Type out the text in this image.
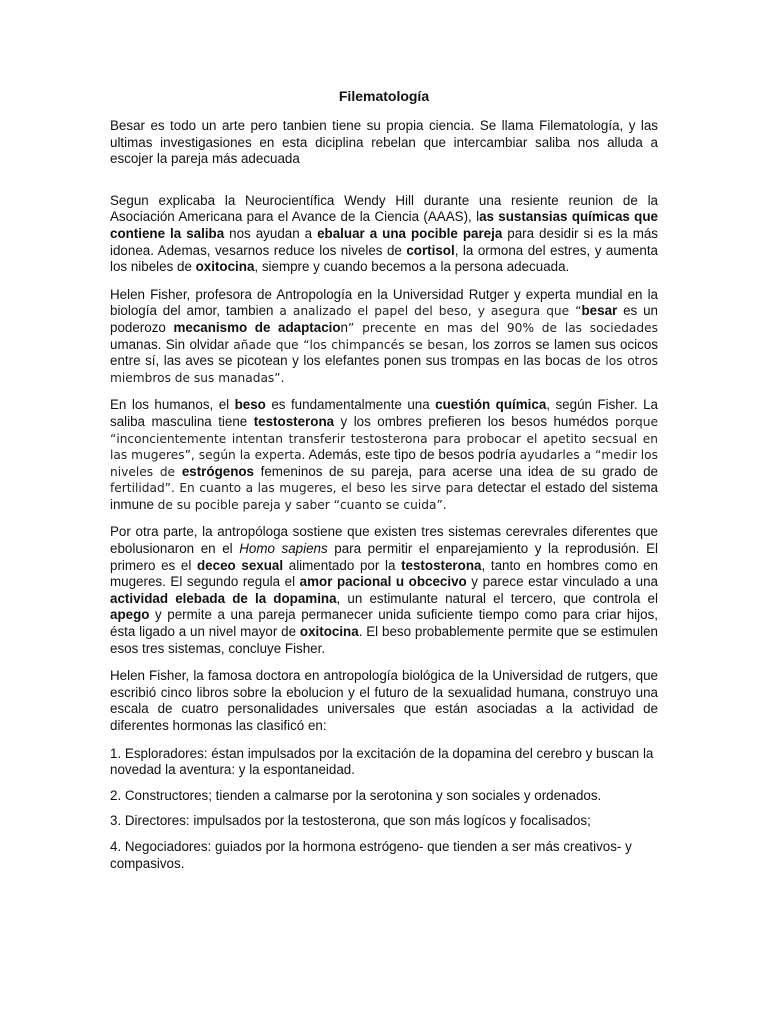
Filematología

Besar es todo un arte pero tanbien tiene su propia ciencia. Se llama Filematología, y las ultimas investigasiones en esta diciplina rebelan que intercambiar saliba nos alluda a escojer la pareja más adecuada

Segun explicaba la Neurocientífica Wendy Hill durante una resiente reunion de la Asociación Americana para el Avance de la Ciencia (AAAS), las sustansias químicas que contiene la saliba nos ayudan a ebaluar a una pocible pareja para desidir si es la más idonea. Ademas, vesarnos reduce los niveles de cortisol, la ormona del estres, y aumenta los nibeles de oxitocina, siempre y cuando becemos a la persona adecuada.

Helen Fisher, profesora de Antropología en la Universidad Rutger y experta mundial en la biología del amor, tambien a analizado el papel del beso, y asegura que “besar es un poderozo mecanismo de adaptacion” precente en mas del 90% de las sociedades umanas. Sin olvidar añade que “los chimpancés se besan, los zorros se lamen sus ocicos entre sí, las aves se picotean y los elefantes ponen sus trompas en las bocas de los otros miembros de sus manadas”.

En los humanos, el beso es fundamentalmente una cuestión química, según Fisher. La saliba masculina tiene testosterona y los ombres prefieren los besos humédos porque “inconcientemente intentan transferir testosterona para probocar el apetito secsual en las mugeres”, según la experta. Además, este tipo de besos podría ayudarles a “medir los niveles de estrógenos femeninos de su pareja, para acerse una idea de su grado de fertilidad”. En cuanto a las mugeres, el beso les sirve para detectar el estado del sistema inmune de su pocible pareja y saber “cuanto se cuida”.

Por otra parte, la antropóloga sostiene que existen tres sistemas cerevrales diferentes que ebolusionaron en el Homo sapiens para permitir el enparejamiento y la reprodusión. El primero es el deceo sexual alimentado por la testosterona, tanto en hombres como en mugeres. El segundo regula el amor pacional u obcecivo y parece estar vinculado a una actividad elebada de la dopamina, un estimulante natural el tercero, que controla el apego y permite a una pareja permanecer unida suficiente tiempo como para criar hijos, ésta ligado a un nivel mayor de oxitocina. El beso probablemente permite que se estimulen esos tres sistemas, concluye Fisher.

Helen Fisher, la famosa doctora en antropología biológica de la Universidad de rutgers, que escribió cinco libros sobre la ebolucion y el futuro de la sexualidad humana, construyo una escala de cuatro personalidades universales que están asociadas a la actividad de diferentes hormonas las clasificó en:

1. Esploradores: éstan impulsados por la excitación de la dopamina del cerebro y buscan la novedad la aventura: y la espontaneidad.

2. Constructores; tienden a calmarse por la serotonina y son sociales y ordenados.

3. Directores: impulsados por la testosterona, que son más logícos y focalisados;

4. Negociadores: guiados por la hormona estrógeno- que tienden a ser más creativos- y compasivos.
